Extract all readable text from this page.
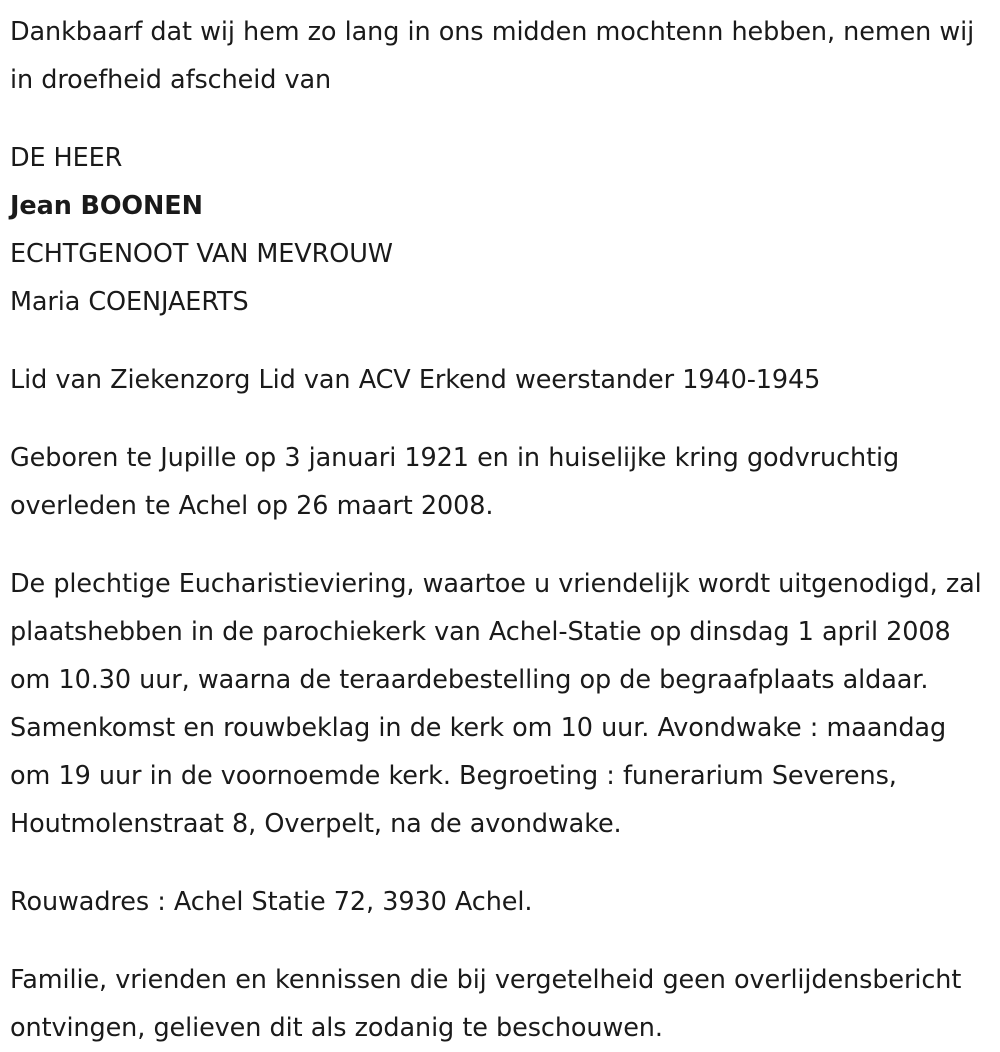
Dankbaarf dat wij hem zo lang in ons midden mochtenn hebben, nemen wij in droefheid afscheid van

DE HEER
Jean BOONEN
ECHTGENOOT VAN MEVROUW
Maria COENJAERTS

Lid van Ziekenzorg Lid van ACV Erkend weerstander 1940-1945

Geboren te Jupille op 3 januari 1921 en in huiselijke kring godvruchtig overleden te Achel op 26 maart 2008.

De plechtige Eucharistieviering, waartoe u vriendelijk wordt uitgenodigd, zal plaatshebben in de parochiekerk van Achel-Statie op dinsdag 1 april 2008 om 10.30 uur, waarna de teraardebestelling op de begraafplaats aldaar. Samenkomst en rouwbeklag in de kerk om 10 uur. Avondwake : maandag om 19 uur in de voornoemde kerk. Begroeting : funerarium Severens, Houtmolenstraat 8, Overpelt, na de avondwake.

Rouwadres : Achel Statie 72, 3930 Achel.

Familie, vrienden en kennissen die bij vergetelheid geen overlijdensbericht ontvingen, gelieven dit als zodanig te beschouwen.
